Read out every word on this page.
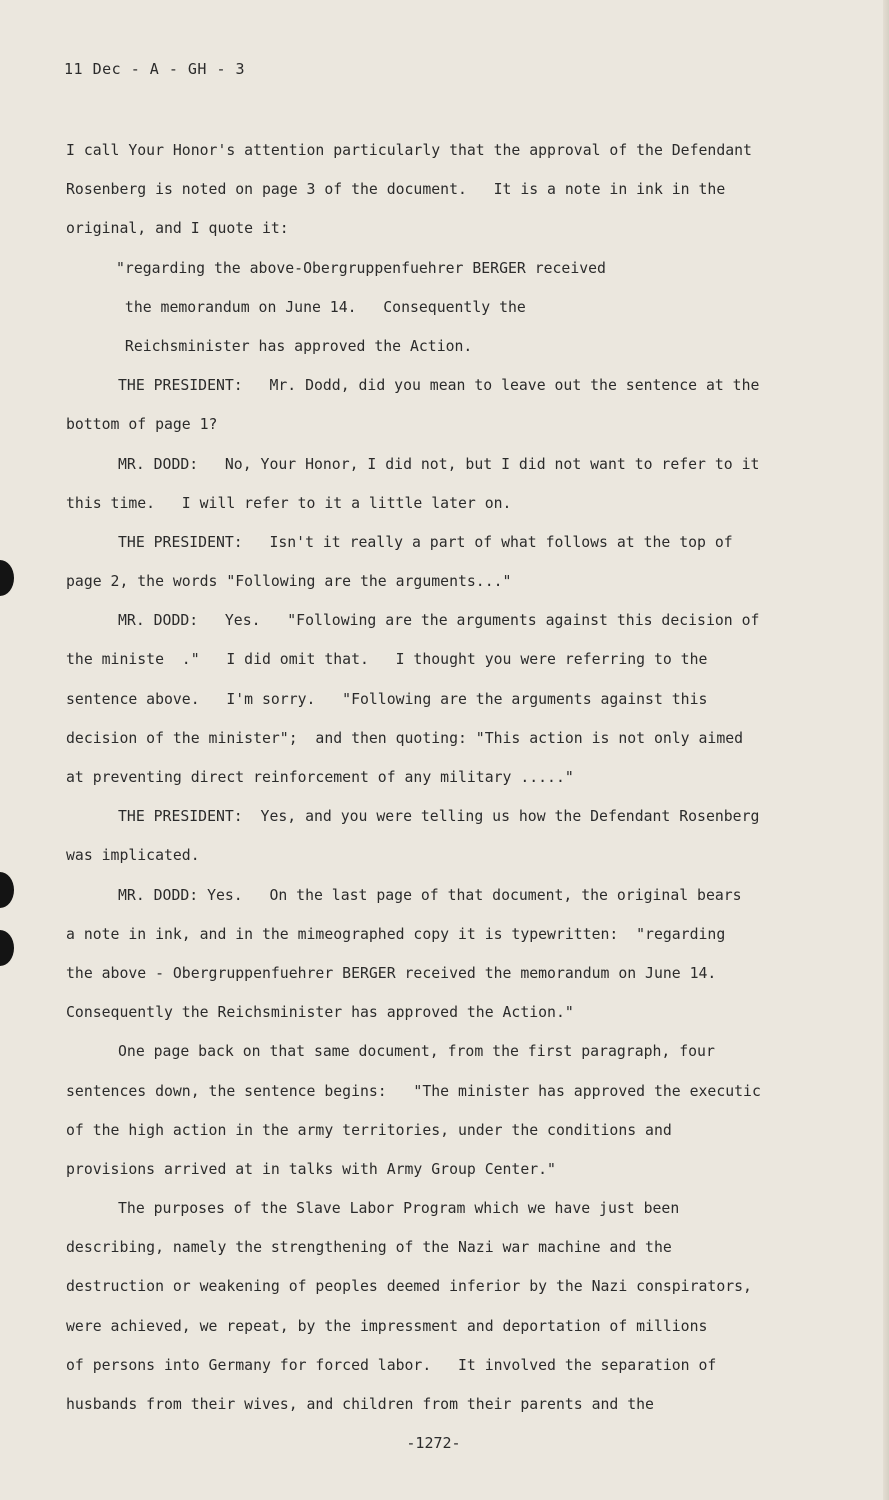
11 Dec - A - GH - 3
I call Your Honor's attention particularly that the approval of the Defendant
Rosenberg is noted on page 3 of the document.   It is a note in ink in the
original, and I quote it:
"regarding the above-Obergruppenfuehrer BERGER received
the memorandum on June 14.   Consequently the
Reichsminister has approved the Action.
THE PRESIDENT:   Mr. Dodd, did you mean to leave out the sentence at the
bottom of page 1?
MR. DODD:   No, Your Honor, I did not, but I did not want to refer to it
this time.   I will refer to it a little later on.
THE PRESIDENT:   Isn't it really a part of what follows at the top of
page 2, the words "Following are the arguments..."
MR. DODD:   Yes.   "Following are the arguments against this decision of
the ministe  ."   I did omit that.   I thought you were referring to the
sentence above.   I'm sorry.   "Following are the arguments against this
decision of the minister";  and then quoting: "This action is not only aimed
at preventing direct reinforcement of any military ....."
THE PRESIDENT:  Yes, and you were telling us how the Defendant Rosenberg
was implicated.
MR. DODD: Yes.   On the last page of that document, the original bears
a note in ink, and in the mimeographed copy it is typewritten:  "regarding
the above - Obergruppenfuehrer BERGER received the memorandum on June 14.
Consequently the Reichsminister has approved the Action."
One page back on that same document, from the first paragraph, four
sentences down, the sentence begins:   "The minister has approved the executic
of the high action in the army territories, under the conditions and
provisions arrived at in talks with Army Group Center."
The purposes of the Slave Labor Program which we have just been
describing, namely the strengthening of the Nazi war machine and the
destruction or weakening of peoples deemed inferior by the Nazi conspirators,
were achieved, we repeat, by the impressment and deportation of millions
of persons into Germany for forced labor.   It involved the separation of
husbands from their wives, and children from their parents and the
-1272-
